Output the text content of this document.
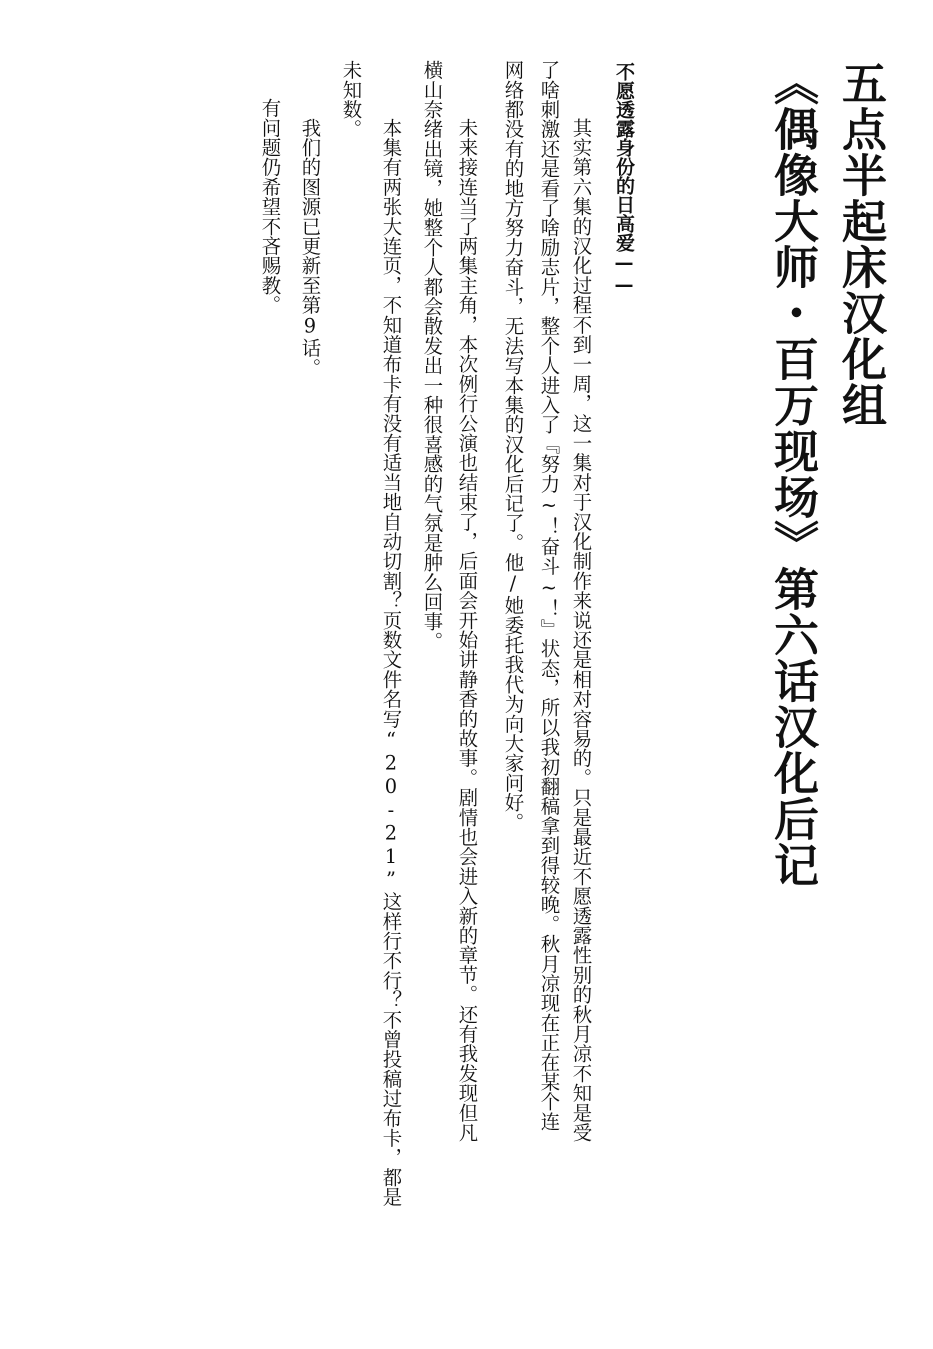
五点半起床汉化组
《偶像大师・百万现场》第六话汉化后记
不愿透露身份的日高爱——
　其实第六集的汉化过程不到一周，这一集对于汉化制作来说还是相对容易的。只是最近不愿透露性别的秋月凉不知是受
了啥刺激还是看了啥励志片，整个人进入了『努力~！奋斗~！』状态，所以我初翻稿拿到得较晚。秋月凉现在正在某个连
网络都没有的地方努力奋斗，无法写本集的汉化后记了。他/她委托我代为向大家问好。
　未来接连当了两集主角，本次例行公演也结束了，后面会开始讲静香的故事。剧情也会进入新的章节。还有我发现但凡
横山奈绪出镜，她整个人都会散发出一种很喜感的气氛是肿么回事。
　本集有两张大连页，不知道布卡有没有适当地自动切割？页数文件名写“20-21”这样行不行？不曾投稿过布卡，都是
未知数。
　我们的图源已更新至第9话。
有问题仍希望不吝赐教。
